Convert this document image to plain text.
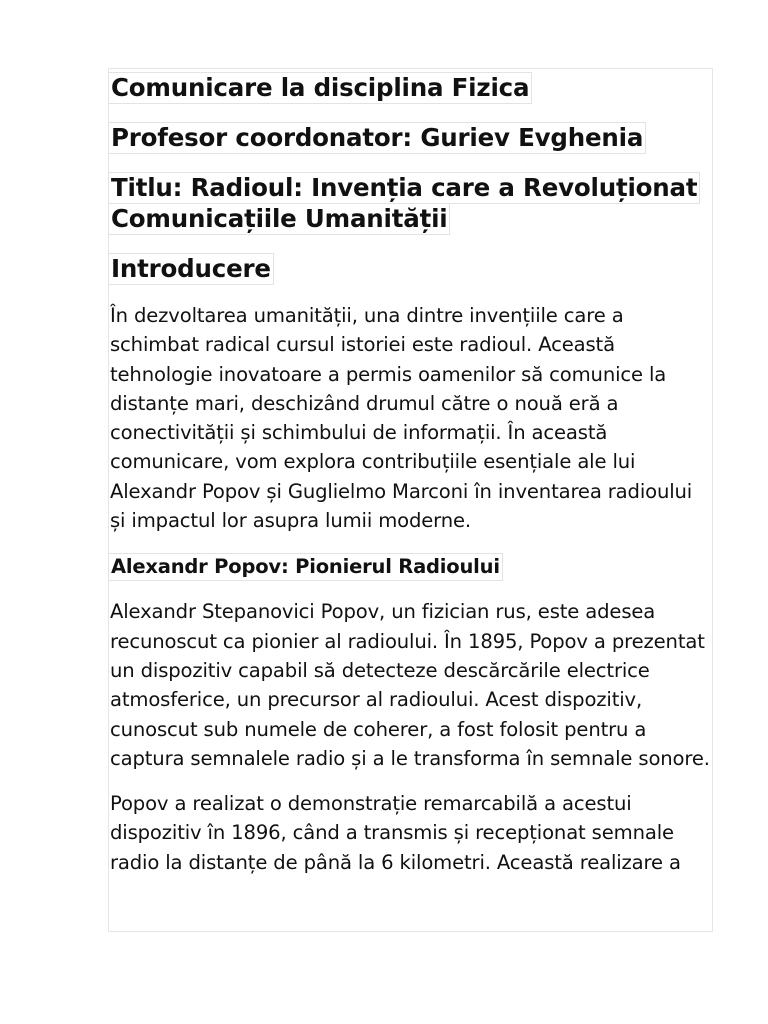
Comunicare la disciplina Fizica
Profesor coordonator: Guriev Evghenia
Titlu: Radioul: Invenția care a Revoluționat
Comunicațiile Umanității
Introducere

În dezvoltarea umanității, una dintre invențiile care a schimbat radical cursul istoriei este radioul. Această tehnologie inovatoare a permis oamenilor să comunice la distanțe mari, deschizând drumul către o nouă eră a conectivității și schimbului de informații. În această comunicare, vom explora contribuțiile esențiale ale lui Alexandr Popov și Guglielmo Marconi în inventarea radioului și impactul lor asupra lumii moderne.

Alexandr Popov: Pionierul Radioului

Alexandr Stepanovici Popov, un fizician rus, este adesea recunoscut ca pionier al radioului. În 1895, Popov a prezentat un dispozitiv capabil să detecteze descărcările electrice atmosferice, un precursor al radioului. Acest dispozitiv, cunoscut sub numele de coherer, a fost folosit pentru a captura semnalele radio și a le transforma în semnale sonore.

Popov a realizat o demonstrație remarcabilă a acestui dispozitiv în 1896, când a transmis și recepționat semnale radio la distanțe de până la 6 kilometri. Această realizare a
